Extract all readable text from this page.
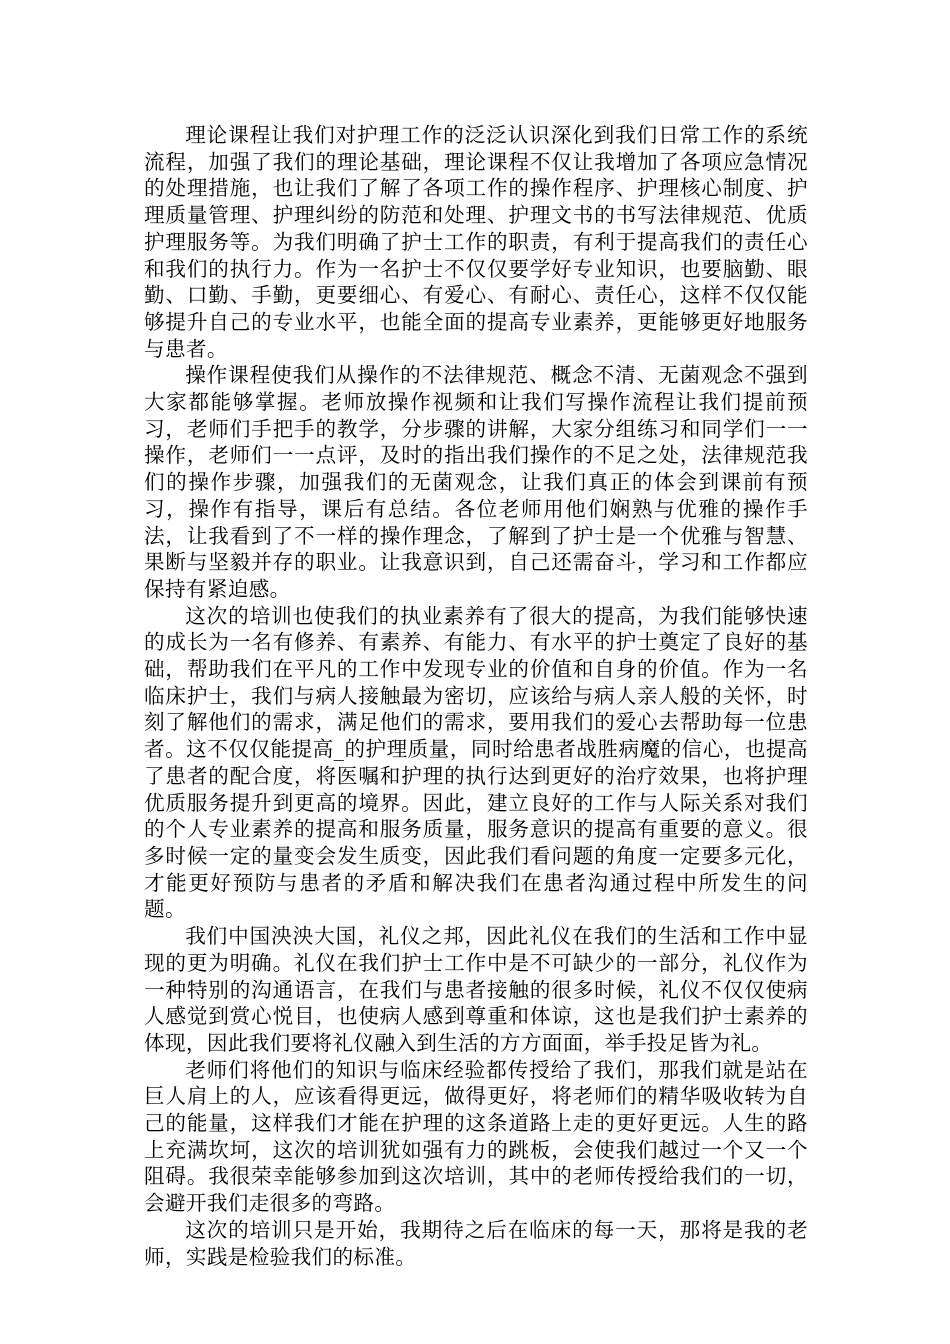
理论课程让我们对护理工作的泛泛认识深化到我们日常工作的系统流程，加强了我们的理论基础，理论课程不仅让我增加了各项应急情况的处理措施，也让我们了解了各项工作的操作程序、护理核心制度、护理质量管理、护理纠纷的防范和处理、护理文书的书写法律规范、优质护理服务等。为我们明确了护士工作的职责，有利于提高我们的责任心和我们的执行力。作为一名护士不仅仅要学好专业知识，也要脑勤、眼勤、口勤、手勤，更要细心、有爱心、有耐心、责任心，这样不仅仅能够提升自己的专业水平，也能全面的提高专业素养，更能够更好地服务与患者。

操作课程使我们从操作的不法律规范、概念不清、无菌观念不强到大家都能够掌握。老师放操作视频和让我们写操作流程让我们提前预习，老师们手把手的教学，分步骤的讲解，大家分组练习和同学们一一操作，老师们一一点评，及时的指出我们操作的不足之处，法律规范我们的操作步骤，加强我们的无菌观念，让我们真正的体会到课前有预习，操作有指导，课后有总结。各位老师用他们娴熟与优雅的操作手法，让我看到了不一样的操作理念，了解到了护士是一个优雅与智慧、果断与坚毅并存的职业。让我意识到，自己还需奋斗，学习和工作都应保持有紧迫感。

这次的培训也使我们的执业素养有了很大的提高，为我们能够快速的成长为一名有修养、有素养、有能力、有水平的护士奠定了良好的基础，帮助我们在平凡的工作中发现专业的价值和自身的价值。作为一名临床护士，我们与病人接触最为密切，应该给与病人亲人般的关怀，时刻了解他们的需求，满足他们的需求，要用我们的爱心去帮助每一位患者。这不仅仅能提高_的护理质量，同时给患者战胜病魔的信心，也提高了患者的配合度，将医嘱和护理的执行达到更好的治疗效果，也将护理优质服务提升到更高的境界。因此，建立良好的工作与人际关系对我们的个人专业素养的提高和服务质量，服务意识的提高有重要的意义。很多时候一定的量变会发生质变，因此我们看问题的角度一定要多元化，才能更好预防与患者的矛盾和解决我们在患者沟通过程中所发生的问题。

我们中国泱泱大国，礼仪之邦，因此礼仪在我们的生活和工作中显现的更为明确。礼仪在我们护士工作中是不可缺少的一部分，礼仪作为一种特别的沟通语言，在我们与患者接触的很多时候，礼仪不仅仅使病人感觉到赏心悦目，也使病人感到尊重和体谅，这也是我们护士素养的体现，因此我们要将礼仪融入到生活的方方面面，举手投足皆为礼。

老师们将他们的知识与临床经验都传授给了我们，那我们就是站在巨人肩上的人，应该看得更远，做得更好，将老师们的精华吸收转为自己的能量，这样我们才能在护理的这条道路上走的更好更远。人生的路上充满坎坷，这次的培训犹如强有力的跳板，会使我们越过一个又一个阻碍。我很荣幸能够参加到这次培训，其中的老师传授给我们的一切，会避开我们走很多的弯路。

这次的培训只是开始，我期待之后在临床的每一天，那将是我的老师，实践是检验我们的标准。
